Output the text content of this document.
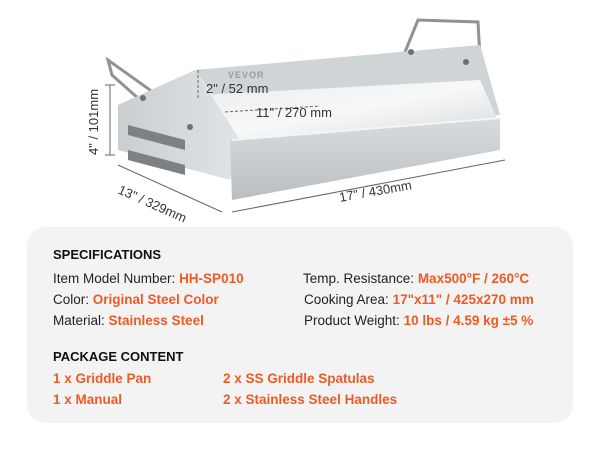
VEVOR
4" / 101mm
2" / 52 mm
11" / 270 mm
13" / 329mm	17" / 430mm
SPECIFICATIONS
Item Model Number: HH-SP010
Color: Original Steel Color
Material: Stainless Steel
Temp. Resistance: Max500°F / 260°C
Cooking Area: 17"x11" / 425x270 mm
Product Weight: 10 lbs / 4.59 kg ±5 %
PACKAGE CONTENT
1 x Griddle Pan
1 x Manual
2 x SS Griddle Spatulas
2 x Stainless Steel Handles
